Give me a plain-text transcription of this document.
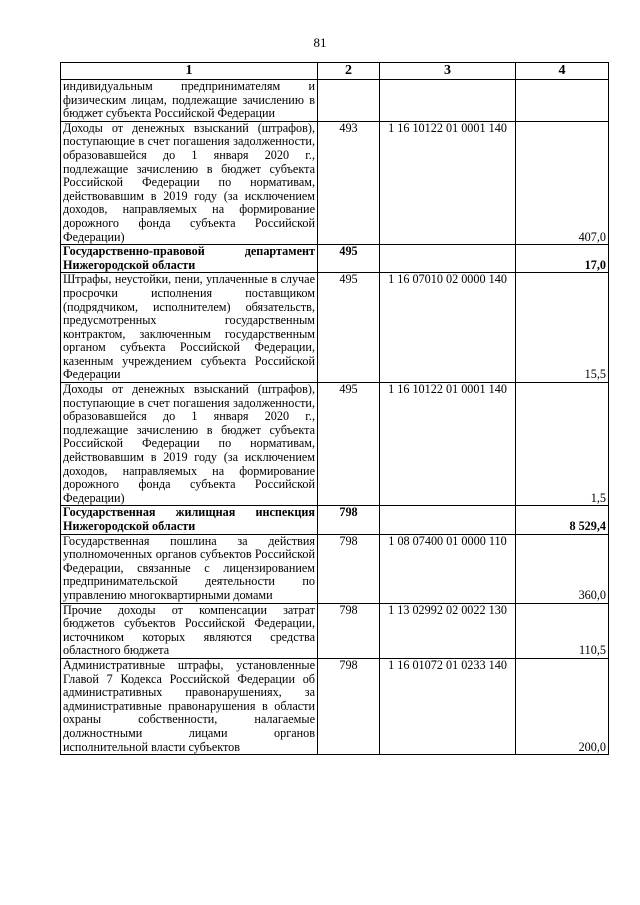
81
1	2	3	4
индивидуальным предпринимателям и физическим лицам, подлежащие зачислению в бюджет субъекта Российской Федерации			
Доходы от денежных взысканий (штрафов), поступающие в счет погашения задолженности, образовавшейся до 1 января 2020 г., подлежащие зачислению в бюджет субъекта Российской Федерации по нормативам, действовавшим в 2019 году (за исключением доходов, направляемых на формирование дорожного фонда субъекта Российской Федерации)	493	1 16 10122 01 0001 140	407,0
Государственно-правовой департамент Нижегородской области	495		17,0
Штрафы, неустойки, пени, уплаченные в случае просрочки исполнения поставщиком (подрядчиком, исполнителем) обязательств, предусмотренных государственным контрактом, заключенным государственным органом субъекта Российской Федерации, казенным учреждением субъекта Российской Федерации	495	1 16 07010 02 0000 140	15,5
Доходы от денежных взысканий (штрафов), поступающие в счет погашения задолженности, образовавшейся до 1 января 2020 г., подлежащие зачислению в бюджет субъекта Российской Федерации по нормативам, действовавшим в 2019 году (за исключением доходов, направляемых на формирование дорожного фонда субъекта Российской Федерации)	495	1 16 10122 01 0001 140	1,5
Государственная жилищная инспекция Нижегородской области	798		8 529,4
Государственная пошлина за действия уполномоченных органов субъектов Российской Федерации, связанные с лицензированием предпринимательской деятельности по управлению многоквартирными домами	798	1 08 07400 01 0000 110	360,0
Прочие доходы от компенсации затрат бюджетов субъектов Российской Федерации, источником которых являются средства областного бюджета	798	1 13 02992 02 0022 130	110,5
Административные штрафы, установленные Главой 7 Кодекса Российской Федерации об административных правонарушениях, за административные правонарушения в области охраны собственности, налагаемые должностными лицами органов исполнительной власти субъектов	798	1 16 01072 01 0233 140	200,0
